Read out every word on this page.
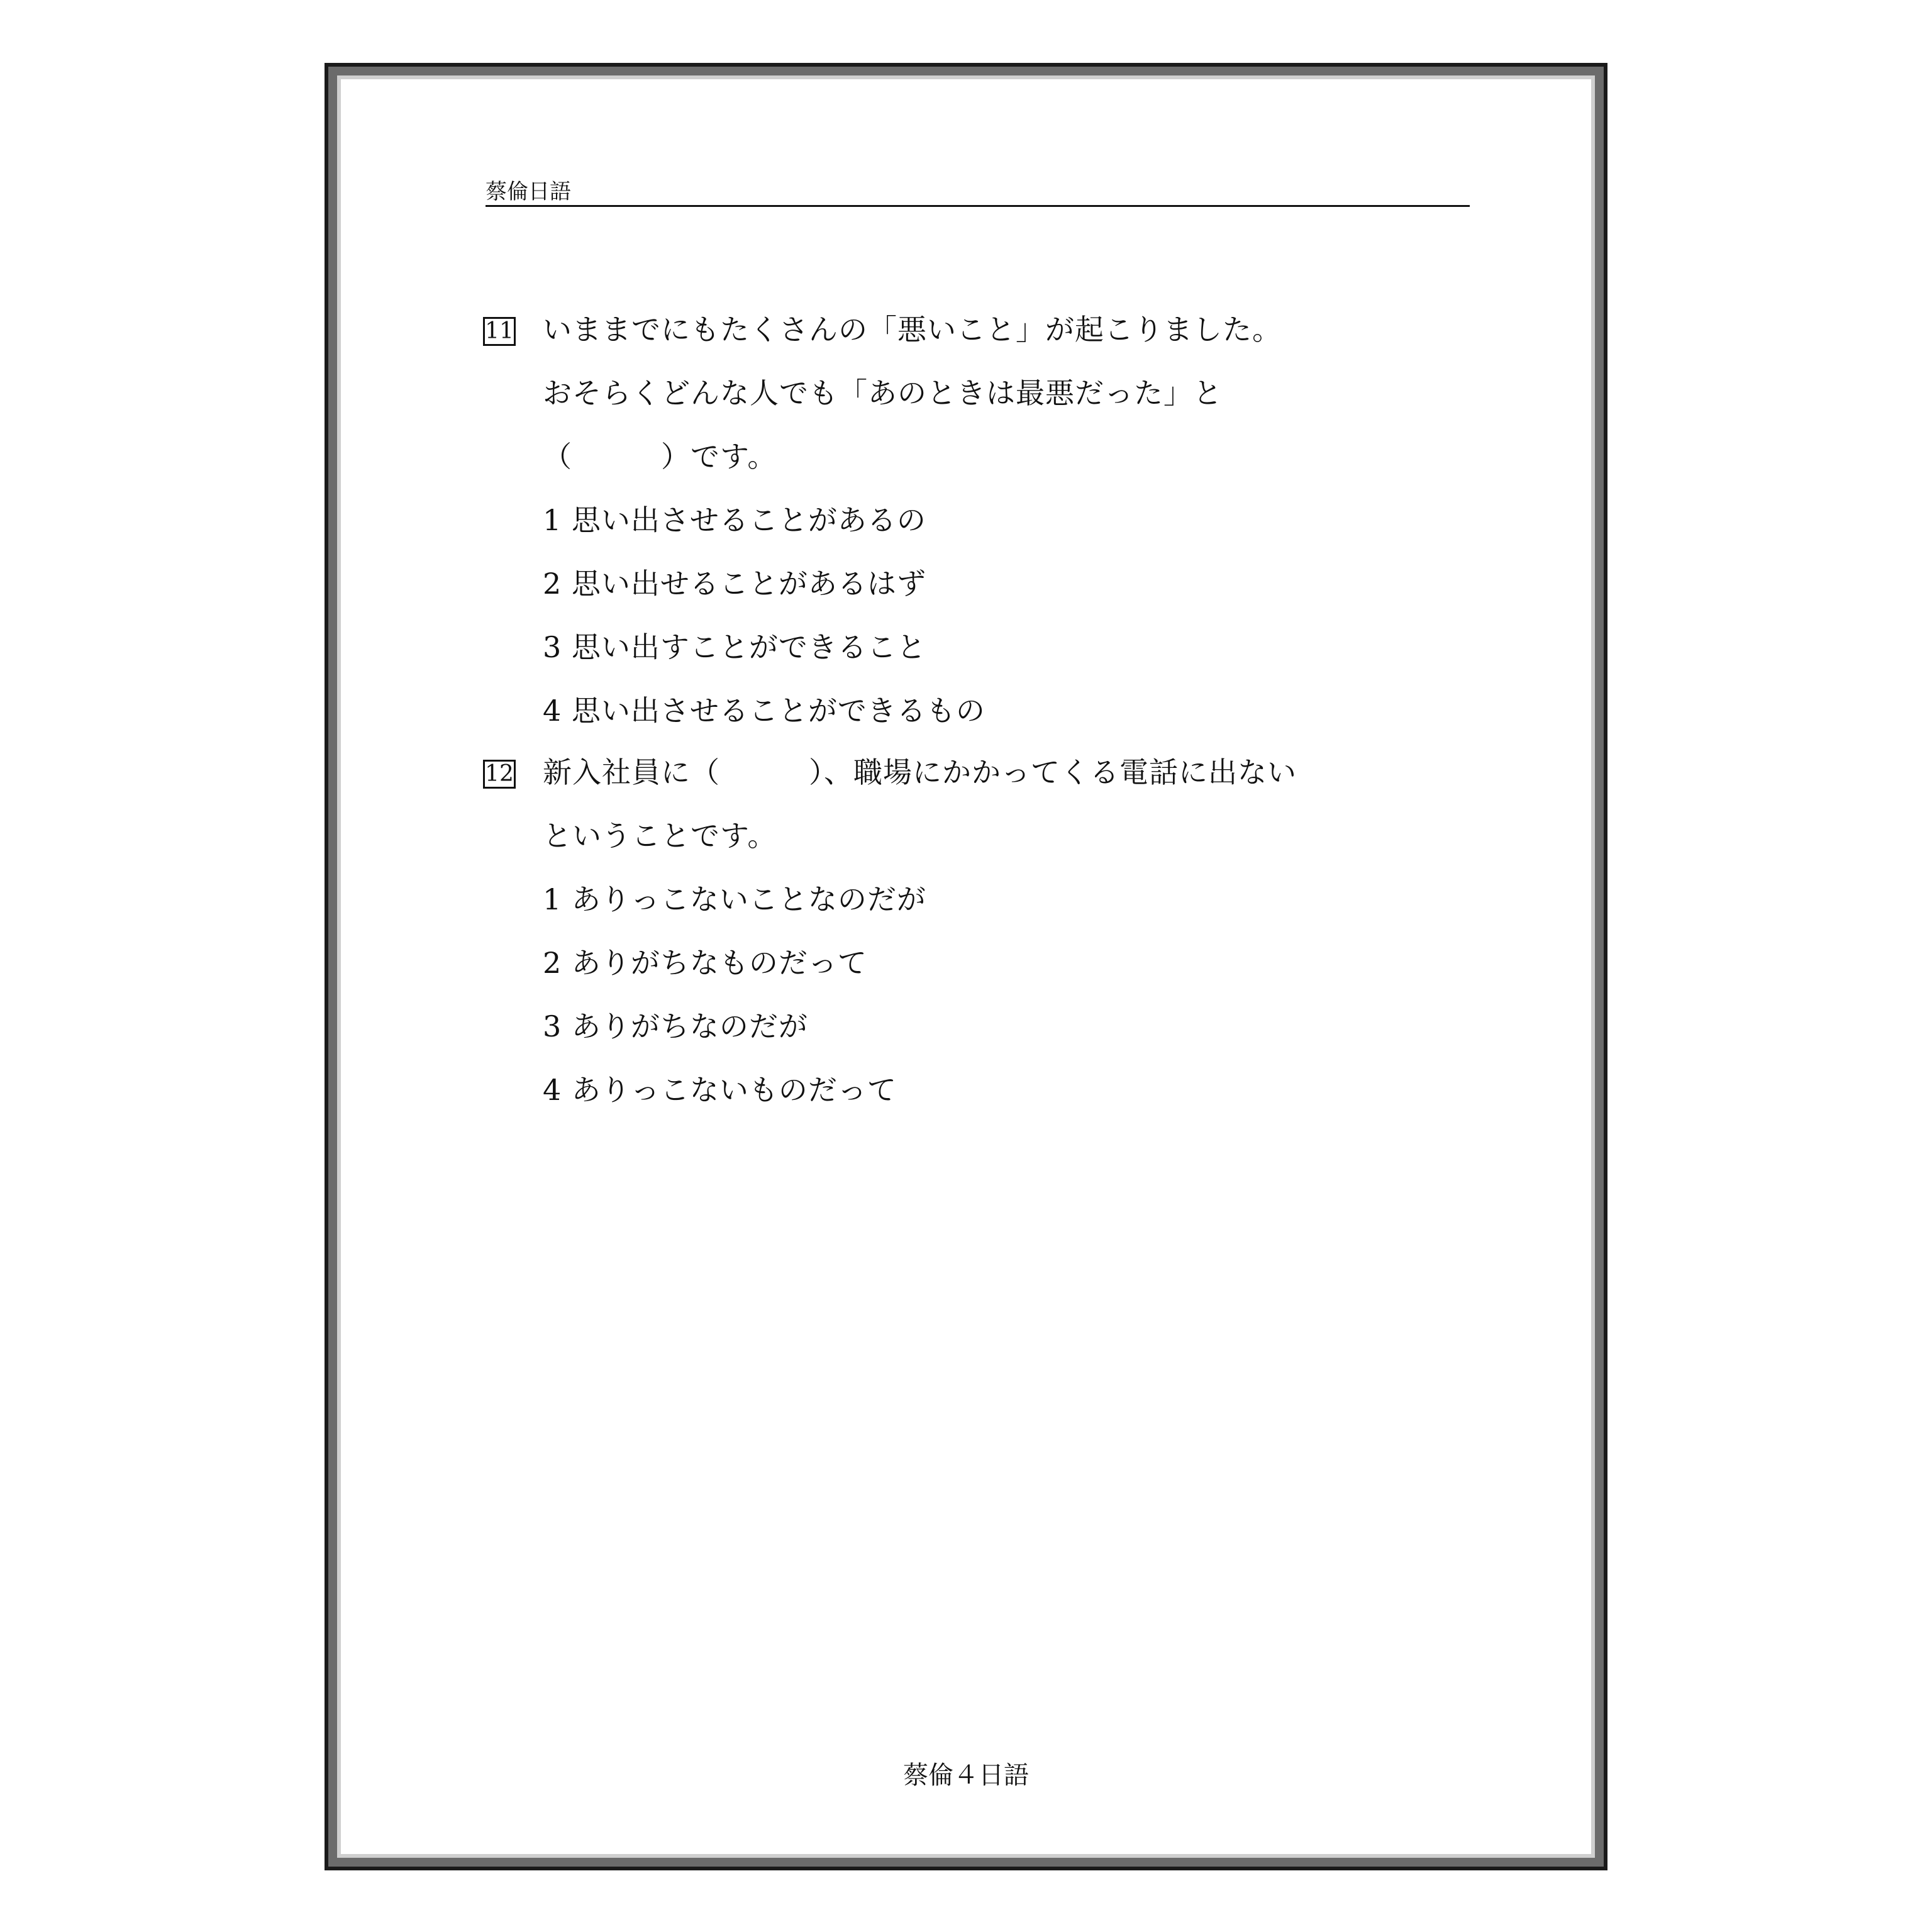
蔡倫日語
11 いままでにもたくさんの「悪いこと」が起こりました。
おそらくどんな人でも「あのときは最悪だった」と
（　　　）です。
1 思い出させることがあるの
2 思い出せることがあるはず
3 思い出すことができること
4 思い出させることができるもの
12 新入社員に（　　　）、職場にかかってくる電話に出ない
ということです。
1 ありっこないことなのだが
2 ありがちなものだって
3 ありがちなのだが
4 ありっこないものだって
蔡倫４日語
